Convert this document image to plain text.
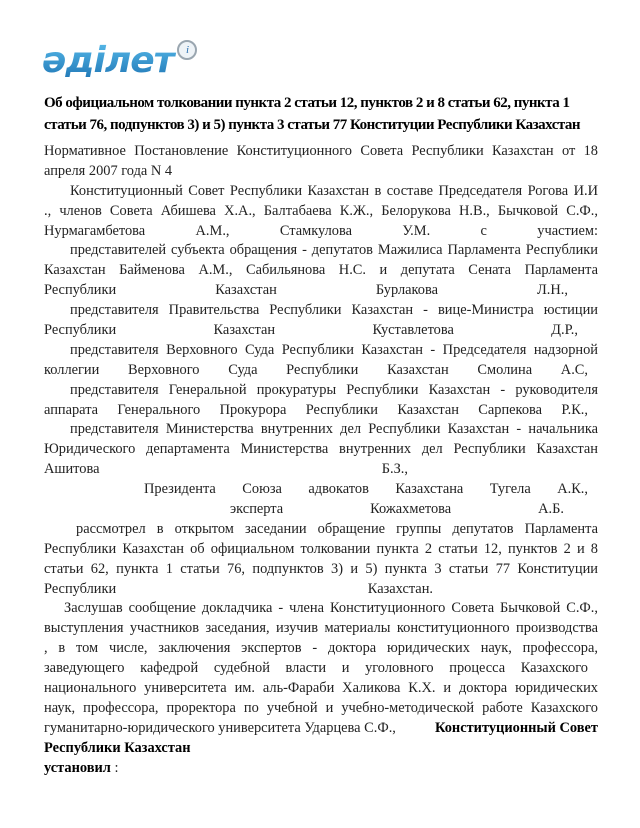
әділет	i
Об официальном толковании пункта 2 статьи 12, пунктов 2 и 8 статьи 62, пункта 1 статьи 76, подпунктов 3) и 5) пункта 3 статьи 77 Конституции Республики Казахстан
Нормативное Постановление Конституционного Совета Республики Казахстан от 18
апреля 2007 года N 4
Конституционный Совет Республики Казахстан в составе Председателя Рогова И.И
., членов Совета Абишева Х.А., Балтабаева К.Ж., Белорукова Н.В., Бычковой С.Ф.,
Нурмагамбетова А.М., Стамкулова У.М. с участием:
представителей субъекта обращения - депутатов Мажилиса Парламента Республики
Казахстан Байменова А.М., Сабильянова Н.С. и депутата Сената Парламента
Республики Казахстан Бурлакова Л.Н.,
представителя Правительства Республики Казахстан - вице-Министра юстиции
Республики Казахстан Куставлетова Д.Р.,
представителя Верховного Суда Республики Казахстан - Председателя надзорной
коллегии Верховного Суда Республики Казахстан Смолина А.С,
представителя Генеральной прокуратуры Республики Казахстан - руководителя
аппарата Генерального Прокурора Республики Казахстан Сарпекова Р.К.,
представителя Министерства внутренних дел Республики Казахстан - начальника
Юридического департамента Министерства внутренних дел Республики Казахстан
Ашитова Б.З.,
Президента Союза адвокатов Казахстана Тугела А.К.,
эксперта Кожахметова А.Б.
рассмотрел в открытом заседании обращение группы депутатов Парламента
Республики Казахстан об официальном толковании пункта 2 статьи 12, пунктов 2 и 8
статьи 62, пункта 1 статьи 76, подпунктов 3) и 5) пункта 3 статьи 77 Конституции
Республики Казахстан.
Заслушав сообщение докладчика - члена Конституционного Совета Бычковой С.Ф.,
выступления участников заседания, изучив материалы конституционного производства
, в том числе, заключения экспертов - доктора юридических наук, профессора,
заведующего кафедрой судебной власти и уголовного процесса Казахского
национального университета им. аль-Фараби Халикова К.Х. и доктора юридических
наук, профессора, проректора по учебной и учебно-методической работе Казахского
гуманитарно-юридического университета Ударцева С.Ф.,	Конституционный Совет
Республики Казахстан
установил :
